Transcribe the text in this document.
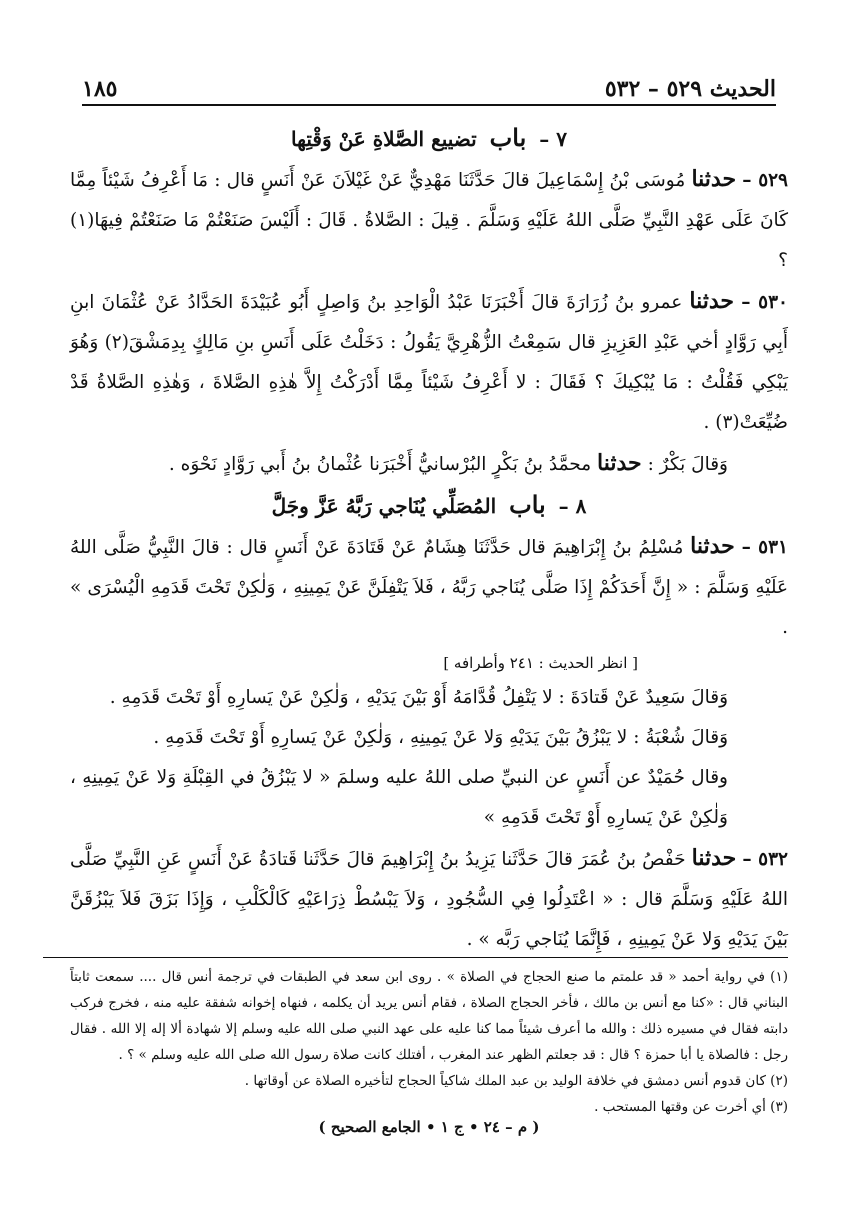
الحديث ٥٢٩ – ٥٣٢
١٨٥

٧ – باب تضييع الصَّلاةِ عَنْ وَقْتِها

٥٢٩ – حدثنا مُوسَى بْنُ إِسْمَاعِيلَ قالَ حَدَّثَنَا مَهْدِيٌّ عَنْ غَيْلاَنَ عَنْ أَنَسٍ قال : مَا أَعْرِفُ شَيْئاً مِمَّا كَانَ عَلَى عَهْدِ النَّبِيِّ صَلَّى اللهُ عَلَيْهِ وَسَلَّمَ . قِيلَ : الصَّلاةُ . قَالَ : أَلَيْسَ صَنَعْتُمْ مَا صَنَعْتُمْ فِيهَا(١) ؟

٥٣٠ – حدثنا عمرو بنُ زُرَارَةَ قالَ أَخْبَرَنَا عَبْدُ الْوَاحِدِ بنُ وَاصِلٍ أَبُو عُبَيْدَةَ الحَدَّادُ عَنْ عُثْمَانَ ابنِ أَبِي رَوَّادٍ أخي عَبْدِ العَزِيزِ قال سَمِعْتُ الزُّهْرِيَّ يَقُولُ : دَخَلْتُ عَلَى أَنَسِ بنِ مَالِكٍ بِدِمَشْقَ(٢) وَهُوَ يَبْكِي فَقُلْتُ : مَا يُبْكِيكَ ؟ فَقَالَ : لا أَعْرِفُ شَيْئاً مِمَّا أَدْرَكْتُ إِلاَّ هٰذِهِ الصَّلاةَ ، وَهٰذِهِ الصَّلاةُ قَدْ ضُيِّعَتْ(٣) .

وَقالَ بَكْرٌ : حدثنا محمَّدُ بنُ بَكْرٍ البُرْسانيُّ أَخْبَرَنا عُثْمانُ بنُ أَبي رَوَّادٍ نَحْوَه .

٨ – باب المُصَلِّي يُنَاجي رَبَّهُ عَزَّ وجَلَّ

٥٣١ – حدثنا مُسْلِمُ بنُ إِبْرَاهِيمَ قال حَدَّثَنَا هِشَامٌ عَنْ قَتَادَةَ عَنْ أَنَسٍ قال : قالَ النَّبِيُّ صَلَّى اللهُ عَلَيْهِ وَسَلَّمَ : « إِنَّ أَحَدَكُمْ إِذَا صَلَّى يُنَاجي رَبَّهُ ، فَلاَ يَتْفِلَنَّ عَنْ يَمِينِهِ ، وَلٰكِنْ تَحْتَ قَدَمِهِ الْيُسْرَى » .

[ انظر الحديث : ٢٤١ وأطرافه ]

وَقالَ سَعِيدٌ عَنْ قَتادَةَ : لا يَتْفِلُ قُدَّامَهُ أَوْ بَيْنَ يَدَيْهِ ، وَلٰكِنْ عَنْ يَسارِهِ أَوْ تَحْتَ قَدَمِهِ .

وَقالَ شُعْبَةُ : لا يَبْزُقُ بَيْنَ يَدَيْهِ وَلا عَنْ يَمِينِهِ ، وَلٰكِنْ عَنْ يَسارِهِ أَوْ تَحْتَ قَدَمِهِ .

وقال حُمَيْدٌ عن أَنَسٍ عن النبيِّ صلى اللهُ عليه وسلمَ « لا يَبْزُقُ في القِبْلَةِ وَلا عَنْ يَمِينِهِ ، وَلٰكِنْ عَنْ يَسارِهِ أَوْ تَحْتَ قَدَمِهِ »

٥٣٢ – حدثنا حَفْصُ بنُ عُمَرَ قالَ حَدَّثَنا يَزِيدُ بنُ إِبْرَاهِيمَ قالَ حَدَّثَنا قَتادَةُ عَنْ أَنَسٍ عَنِ النَّبِيِّ صَلَّى اللهُ عَلَيْهِ وَسَلَّمَ قال : « اعْتَدِلُوا فِي السُّجُودِ ، وَلاَ يَبْسُطْ ذِرَاعَيْهِ كَالْكَلْبِ ، وَإِذَا بَزَقَ فَلاَ يَبْزُقَنَّ بَيْنَ يَدَيْهِ وَلا عَنْ يَمِينِهِ ، فَإِنَّمَا يُنَاجي رَبَّه » .

(١) في رواية أحمد « قد علمتم ما صنع الحجاج في الصلاة » . روى ابن سعد في الطبقات في ترجمة أنس قال .... سمعت ثابتاً البناني قال : «كنا مع أنس بن مالك ، فأخر الحجاج الصلاة ، فقام أنس يريد أن يكلمه ، فنهاه إخوانه شفقة عليه منه ، فخرج فركب دابته فقال في مسيره ذلك : والله ما أعرف شيئاً مما كنا عليه على عهد النبي صلى الله عليه وسلم إلا شهادة ألا إله إلا الله . فقال رجل : فالصلاة يا أبا حمزة ؟ قال : قد جعلتم الظهر عند المغرب ، أفتلك كانت صلاة رسول الله صلى الله عليه وسلم » ؟ .

(٢) كان قدوم أنس دمشق في خلافة الوليد بن عبد الملك شاكياً الحجاج لتأخيره الصلاة عن أوقاتها .

(٣) أي أخرت عن وقتها المستحب .

( م – ٢٤ • ج ١ • الجامع الصحيح )
